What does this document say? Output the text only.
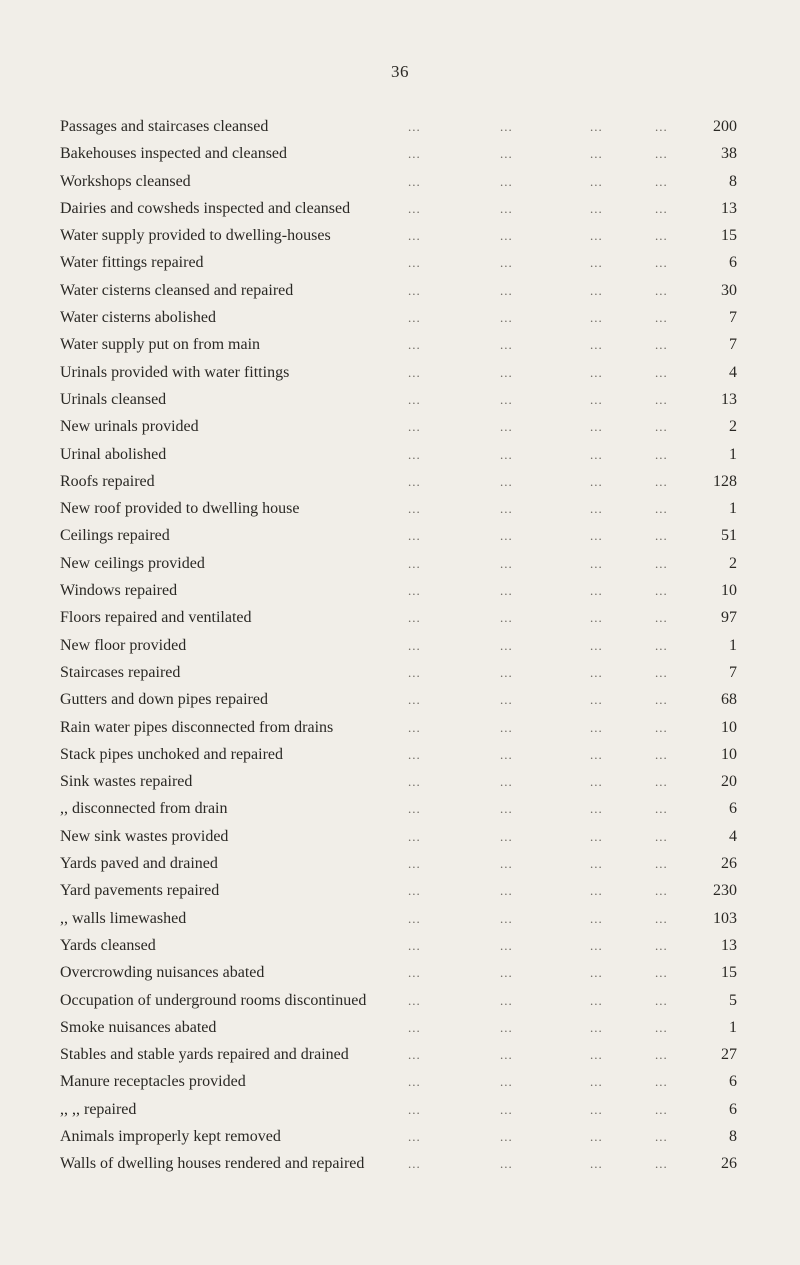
36
Passages and staircases cleansed	...	...	...	...	200
Bakehouses inspected and cleansed	...	...	...	...	38
Workshops cleansed	...	...	...	...	8
Dairies and cowsheds inspected and cleansed	...	...	...	...	13
Water supply provided to dwelling-houses	...	...	...	...	15
Water fittings repaired	...	...	...	...	6
Water cisterns cleansed and repaired	...	...	...	...	30
Water cisterns abolished	...	...	...	...	7
Water supply put on from main	...	...	...	...	7
Urinals provided with water fittings	...	...	...	...	4
Urinals cleansed	...	...	...	...	13
New urinals provided	...	...	...	...	2
Urinal abolished	...	...	...	...	1
Roofs repaired	...	...	...	...	128
New roof provided to dwelling house	...	...	...	...	1
Ceilings repaired	...	...	...	...	51
New ceilings provided	...	...	...	...	2
Windows repaired	...	...	...	...	10
Floors repaired and ventilated	...	...	...	...	97
New floor provided	...	...	...	...	1
Staircases repaired	...	...	...	...	7
Gutters and down pipes repaired	...	...	...	...	68
Rain water pipes disconnected from drains	...	...	...	...	10
Stack pipes unchoked and repaired	...	...	...	...	10
Sink wastes repaired	...	...	...	...	20
,, disconnected from drain	...	...	...	...	6
New sink wastes provided	...	...	...	...	4
Yards paved and drained	...	...	...	...	26
Yard pavements repaired	...	...	...	...	230
,, walls limewashed	...	...	...	...	103
Yards cleansed	...	...	...	...	13
Overcrowding nuisances abated	...	...	...	...	15
Occupation of underground rooms discontinued	...	...	...	...	5
Smoke nuisances abated	...	...	...	...	1
Stables and stable yards repaired and drained	...	...	...	...	27
Manure receptacles provided	...	...	...	...	6
,, ,, repaired	...	...	...	...	6
Animals improperly kept removed	...	...	...	...	8
Walls of dwelling houses rendered and repaired	...	...	...	...	26
